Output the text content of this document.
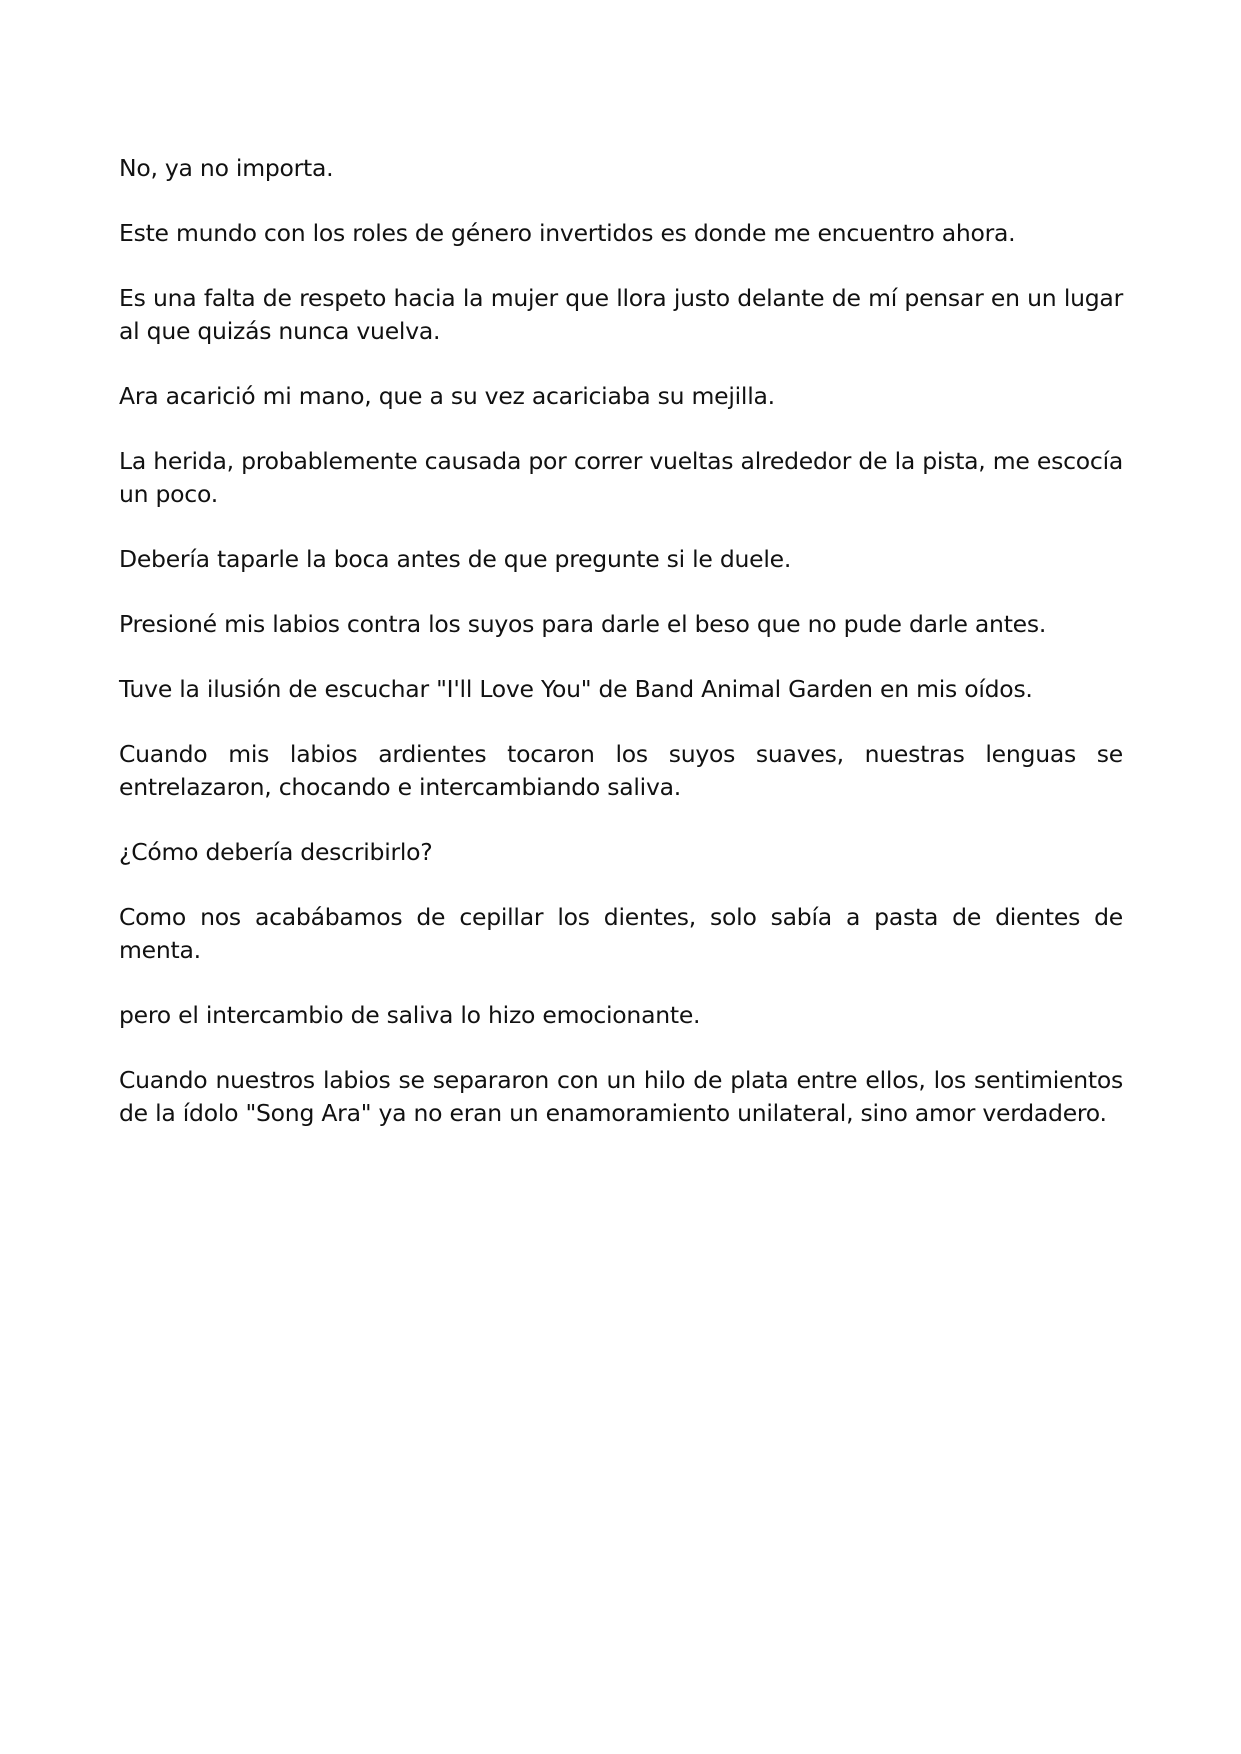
No, ya no importa.

Este mundo con los roles de género invertidos es donde me encuentro ahora.

Es una falta de respeto hacia la mujer que llora justo delante de mí pensar en un lugar al que quizás nunca vuelva.

Ara acarició mi mano, que a su vez acariciaba su mejilla.

La herida, probablemente causada por correr vueltas alrededor de la pista, me escocía un poco.

Debería taparle la boca antes de que pregunte si le duele.

Presioné mis labios contra los suyos para darle el beso que no pude darle antes.

Tuve la ilusión de escuchar "I'll Love You" de Band Animal Garden en mis oídos.

Cuando mis labios ardientes tocaron los suyos suaves, nuestras lenguas se entrelazaron, chocando e intercambiando saliva.

¿Cómo debería describirlo?

Como nos acabábamos de cepillar los dientes, solo sabía a pasta de dientes de menta.

pero el intercambio de saliva lo hizo emocionante.

Cuando nuestros labios se separaron con un hilo de plata entre ellos, los sentimientos de la ídolo "Song Ara" ya no eran un enamoramiento unilateral, sino amor verdadero.
